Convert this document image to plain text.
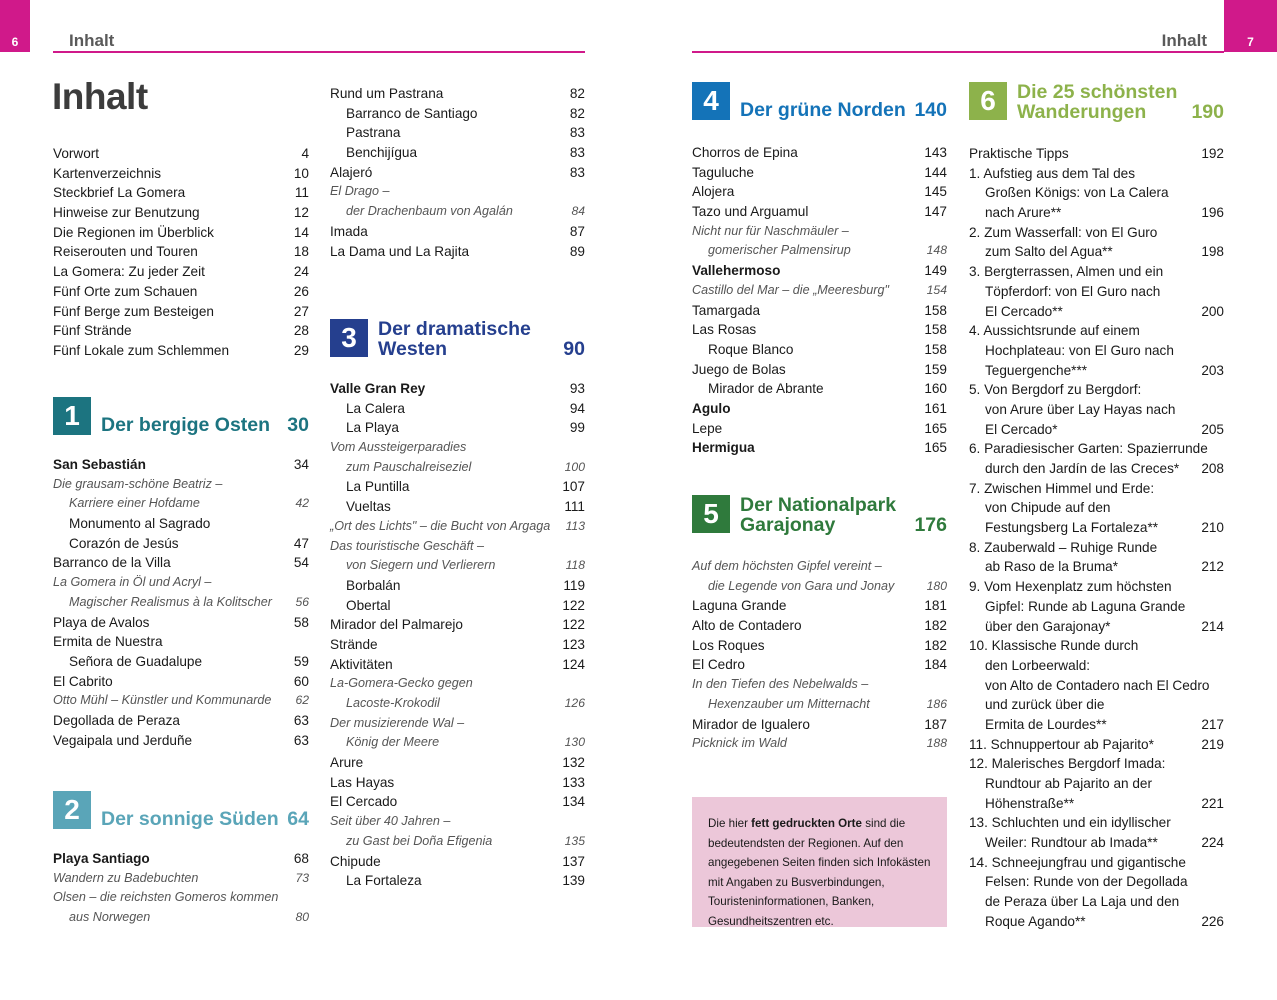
6	Inhalt	7
Inhalt
Inhalt
Vorwort	4
Kartenverzeichnis	10
Steckbrief La Gomera	11
Hinweise zur Benutzung	12
Die Regionen im Überblick	14
Reiserouten und Touren	18
La Gomera: Zu jeder Zeit	24
Fünf Orte zum Schauen	26
Fünf Berge zum Besteigen	27
Fünf Strände	28
Fünf Lokale zum Schlemmen	29
1	Der bergige Osten 30
San Sebastián	34
Die grausam-schöne Beatriz –
Karriere einer Hofdame	42
Monumento al Sagrado
Corazón de Jesús	47
Barranco de la Villa	54
La Gomera in Öl und Acryl –
Magischer Realismus à la Kolitscher	56
Playa de Avalos	58
Ermita de Nuestra
Señora de Guadalupe	59
El Cabrito	60
Otto Mühl – Künstler und Kommunarde	62
Degollada de Peraza	63
Vegaipala und Jerduñe	63
2	Der sonnige Süden 64
Playa Santiago	68
Wandern zu Badebuchten	73
Olsen – die reichsten Gomeros kommen
aus Norwegen	80
Rund um Pastrana	82
Barranco de Santiago	82
Pastrana	83
Benchijígua	83
Alajeró	83
El Drago –
der Drachenbaum von Agalán	84
Imada	87
La Dama und La Rajita	89
3	Der dramatische
Westen	90
Valle Gran Rey	93
La Calera	94
La Playa	99
Vom Aussteigerparadies
zum Pauschalreiseziel	100
La Puntilla	107
Vueltas	111
„Ort des Lichts" – die Bucht von Argaga	113
Das touristische Geschäft –
von Siegern und Verlierern	118
Borbalán	119
Obertal	122
Mirador del Palmarejo	122
Strände	123
Aktivitäten	124
La-Gomera-Gecko gegen
Lacoste-Krokodil	126
Der musizierende Wal –
König der Meere	130
Arure	132
Las Hayas	133
El Cercado	134
Seit über 40 Jahren –
zu Gast bei Doña Efigenia	135
Chipude	137
La Fortaleza	139
4	Der grüne Norden 140
Chorros de Epina	143
Taguluche	144
Alojera	145
Tazo und Arguamul	147
Nicht nur für Naschmäuler –
gomerischer Palmensirup	148
Vallehermoso	149
Castillo del Mar – die „Meeresburg"	154
Tamargada	158
Las Rosas	158
Roque Blanco	158
Juego de Bolas	159
Mirador de Abrante	160
Agulo	161
Lepe	165
Hermigua	165
5	Der Nationalpark
Garajonay	176
Auf dem höchsten Gipfel vereint –
die Legende von Gara und Jonay	180
Laguna Grande	181
Alto de Contadero	182
Los Roques	182
El Cedro	184
In den Tiefen des Nebelwalds –
Hexenzauber um Mitternacht	186
Mirador de Igualero	187
Picknick im Wald	188
Die hier fett gedruckten Orte sind die bedeutendsten der Regionen. Auf den angegebenen Seiten finden sich Infokästen mit Angaben zu Busverbindungen, Touristeninformationen, Banken, Gesundheitszentren etc.
6	Die 25 schönsten
Wanderungen	190
Praktische Tipps	192
1. Aufstieg aus dem Tal des
Großen Königs: von La Calera
nach Arure**	196
2. Zum Wasserfall: von El Guro
zum Salto del Agua**	198
3. Bergterrassen, Almen und ein
Töpferdorf: von El Guro nach
El Cercado**	200
4. Aussichtsrunde auf einem
Hochplateau: von El Guro nach
Teguergenche***	203
5. Von Bergdorf zu Bergdorf:
von Arure über Lay Hayas nach
El Cercado*	205
6. Paradiesischer Garten: Spazierrunde
durch den Jardín de las Creces*	208
7. Zwischen Himmel und Erde:
von Chipude auf den
Festungsberg La Fortaleza**	210
8. Zauberwald – Ruhige Runde
ab Raso de la Bruma*	212
9. Vom Hexenplatz zum höchsten
Gipfel: Runde ab Laguna Grande
über den Garajonay*	214
10. Klassische Runde durch
den Lorbeerwald:
von Alto de Contadero nach El Cedro
und zurück über die
Ermita de Lourdes**	217
11. Schnuppertour ab Pajarito*	219
12. Malerisches Bergdorf Imada:
Rundtour ab Pajarito an der
Höhenstraße**	221
13. Schluchten und ein idyllischer
Weiler: Rundtour ab Imada**	224
14. Schneejungfrau und gigantische
Felsen: Runde von der Degollada
de Peraza über La Laja und den
Roque Agando**	226
